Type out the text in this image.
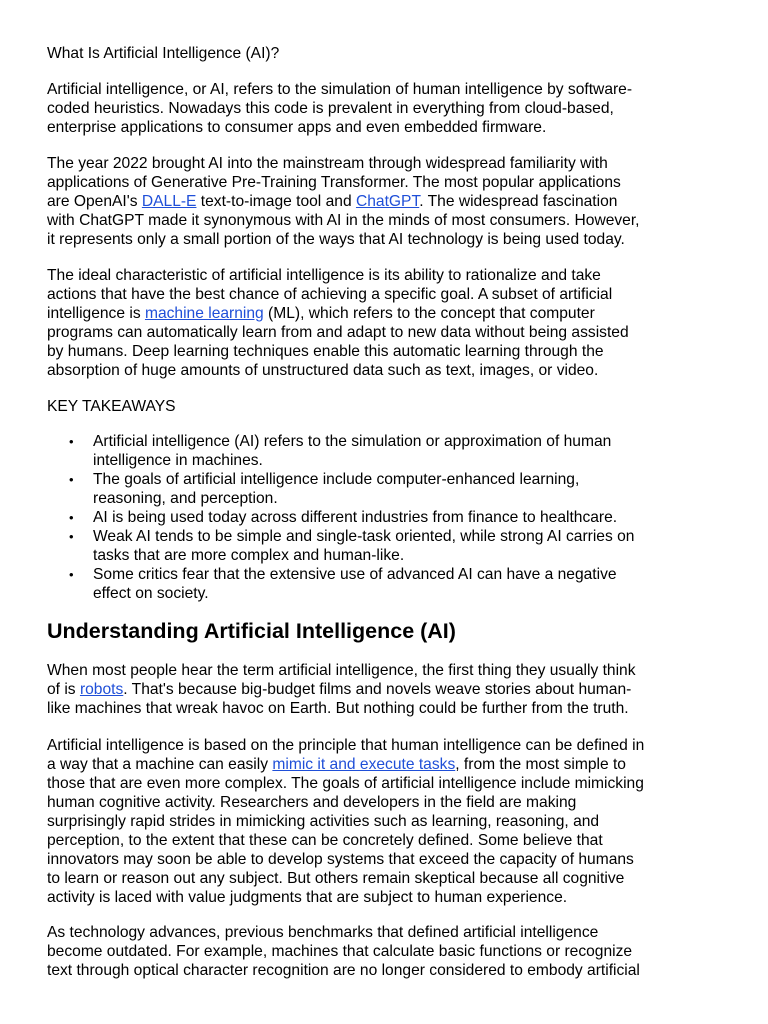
What Is Artificial Intelligence (AI)?

Artificial intelligence, or AI, refers to the simulation of human intelligence by software-
coded heuristics. Nowadays this code is prevalent in everything from cloud-based,
enterprise applications to consumer apps and even embedded firmware.

The year 2022 brought AI into the mainstream through widespread familiarity with
applications of Generative Pre-Training Transformer. The most popular applications
are OpenAI's DALL-E text-to-image tool and ChatGPT. The widespread fascination
with ChatGPT made it synonymous with AI in the minds of most consumers. However,
it represents only a small portion of the ways that AI technology is being used today.

The ideal characteristic of artificial intelligence is its ability to rationalize and take
actions that have the best chance of achieving a specific goal. A subset of artificial
intelligence is machine learning (ML), which refers to the concept that computer
programs can automatically learn from and adapt to new data without being assisted
by humans. Deep learning techniques enable this automatic learning through the
absorption of huge amounts of unstructured data such as text, images, or video.

KEY TAKEAWAYS
• Artificial intelligence (AI) refers to the simulation or approximation of human
intelligence in machines.
• The goals of artificial intelligence include computer-enhanced learning,
reasoning, and perception.
• AI is being used today across different industries from finance to healthcare.
• Weak AI tends to be simple and single-task oriented, while strong AI carries on
tasks that are more complex and human-like.
• Some critics fear that the extensive use of advanced AI can have a negative
effect on society.
Understanding Artificial Intelligence (AI)

When most people hear the term artificial intelligence, the first thing they usually think
of is robots. That's because big-budget films and novels weave stories about human-
like machines that wreak havoc on Earth. But nothing could be further from the truth.

Artificial intelligence is based on the principle that human intelligence can be defined in
a way that a machine can easily mimic it and execute tasks, from the most simple to
those that are even more complex. The goals of artificial intelligence include mimicking
human cognitive activity. Researchers and developers in the field are making
surprisingly rapid strides in mimicking activities such as learning, reasoning, and
perception, to the extent that these can be concretely defined. Some believe that
innovators may soon be able to develop systems that exceed the capacity of humans
to learn or reason out any subject. But others remain skeptical because all cognitive
activity is laced with value judgments that are subject to human experience.

As technology advances, previous benchmarks that defined artificial intelligence
become outdated. For example, machines that calculate basic functions or recognize
text through optical character recognition are no longer considered to embody artificial
